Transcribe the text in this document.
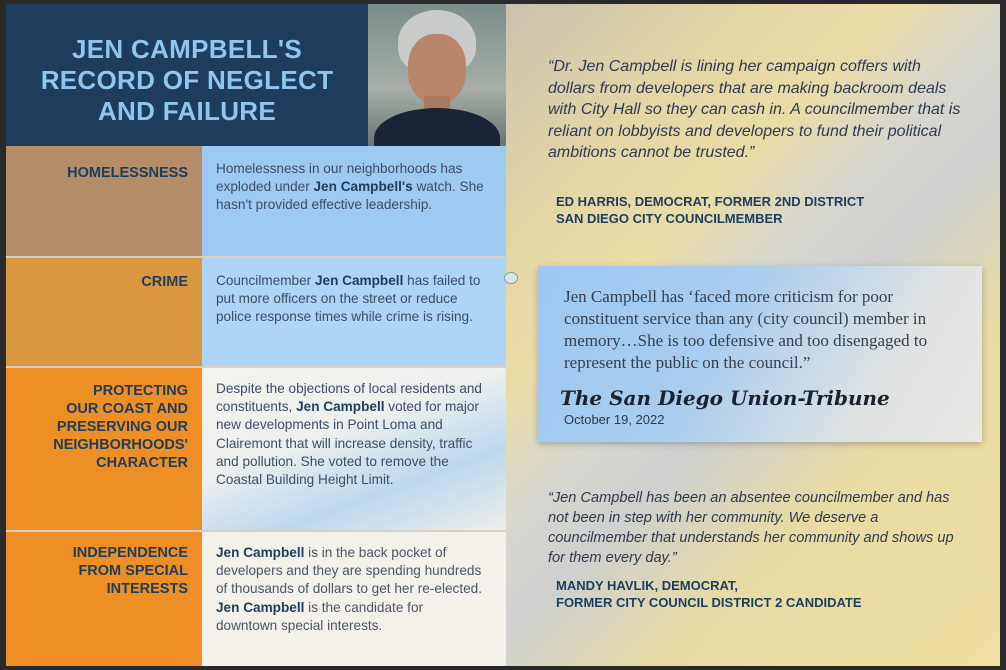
JEN CAMPBELL'S
RECORD OF NEGLECT
AND FAILURE
HOMELESSNESS	Homelessness in our neighborhoods has exploded under Jen Campbell's watch. She hasn't provided effective leadership.
CRIME	Councilmember Jen Campbell has failed to put more officers on the street or reduce police response times while crime is rising.
PROTECTING
OUR COAST AND
PRESERVING OUR
NEIGHBORHOODS'
CHARACTER
Despite the objections of local residents and constituents, Jen Campbell voted for major new developments in Point Loma and Clairemont that will increase density, traffic and pollution. She voted to remove the Coastal Building Height Limit.
INDEPENDENCE
FROM SPECIAL
INTERESTS
Jen Campbell is in the back pocket of developers and they are spending hundreds of thousands of dollars to get her re-elected. Jen Campbell is the candidate for downtown special interests.
“Dr. Jen Campbell is lining her campaign coffers with dollars from developers that are making backroom deals with City Hall so they can cash in. A councilmember that is reliant on lobbyists and developers to fund their political ambitions cannot be trusted.”
ED HARRIS, DEMOCRAT, FORMER 2ND DISTRICT
SAN DIEGO CITY COUNCILMEMBER
Jen Campbell has ‘faced more criticism for poor constituent service than any (city council) member in memory…She is too defensive and too disengaged to represent the public on the council.”
The San Diego Union-Tribune
October 19, 2022
“Jen Campbell has been an absentee councilmember and has not been in step with her community. We deserve a councilmember that understands her community and shows up for them every day.”
MANDY HAVLIK, DEMOCRAT,
FORMER CITY COUNCIL DISTRICT 2 CANDIDATE
